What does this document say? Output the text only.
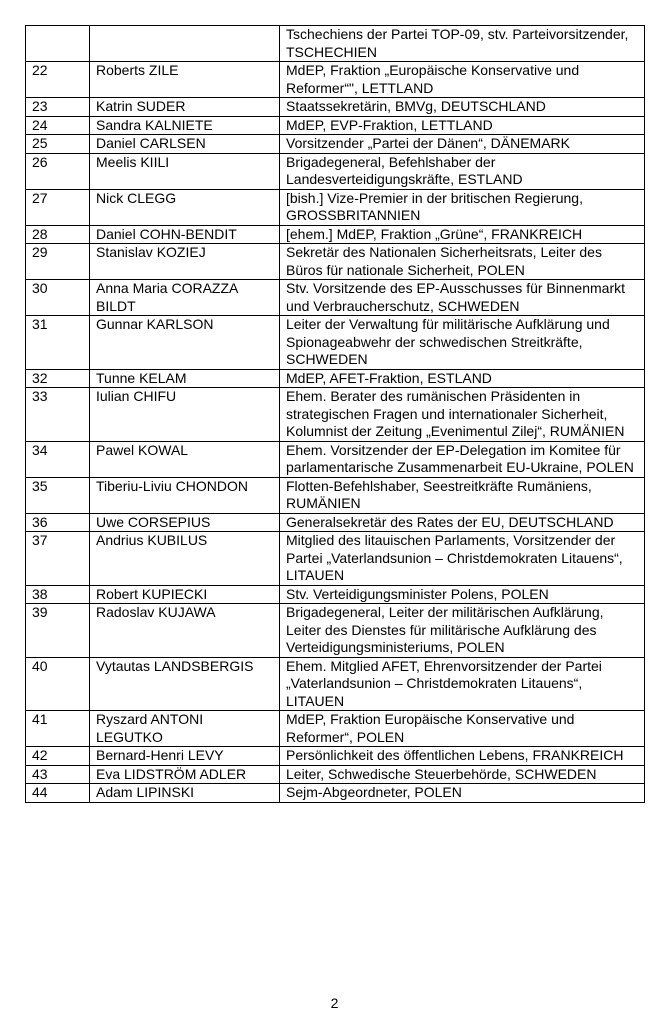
		Tschechiens der Partei TOP-09, stv. Parteivorsitzender, TSCHECHIEN
22	Roberts ZILE	MdEP, Fraktion „Europäische Konservative und Reformer“", LETTLAND
23	Katrin SUDER	Staatssekretärin, BMVg, DEUTSCHLAND
24	Sandra KALNIETE	MdEP, EVP-Fraktion, LETTLAND
25	Daniel CARLSEN	Vorsitzender „Partei der Dänen“, DÄNEMARK
26	Meelis KIILI	Brigadegeneral, Befehlshaber der Landesverteidigungskräfte, ESTLAND
27	Nick CLEGG	[bish.] Vize-Premier in der britischen Regierung, GROSSBRITANNIEN
28	Daniel COHN-BENDIT	[ehem.] MdEP, Fraktion „Grüne“, FRANKREICH
29	Stanislav KOZIEJ	Sekretär des Nationalen Sicherheitsrats, Leiter des Büros für nationale Sicherheit, POLEN
30	Anna Maria CORAZZA BILDT	Stv. Vorsitzende des EP-Ausschusses für Binnenmarkt und Verbraucherschutz, SCHWEDEN
31	Gunnar KARLSON	Leiter der Verwaltung für militärische Aufklärung und Spionageabwehr der schwedischen Streitkräfte, SCHWEDEN
32	Tunne KELAM	MdEP, AFET-Fraktion, ESTLAND
33	Iulian CHIFU	Ehem. Berater des rumänischen Präsidenten in strategischen Fragen und internationaler Sicherheit, Kolumnist der Zeitung „Evenimentul Zilej“, RUMÄNIEN
34	Pawel KOWAL	Ehem. Vorsitzender der EP-Delegation im Komitee für parlamentarische Zusammenarbeit EU-Ukraine, POLEN
35	Tiberiu-Liviu CHONDON	Flotten-Befehlshaber, Seestreitkräfte Rumäniens, RUMÄNIEN
36	Uwe CORSEPIUS	Generalsekretär des Rates der EU, DEUTSCHLAND
37	Andrius KUBILUS	Mitglied des litauischen Parlaments, Vorsitzender der Partei „Vaterlandsunion – Christdemokraten Litauens“, LITAUEN
38	Robert KUPIECKI	Stv. Verteidigungsminister Polens, POLEN
39	Radoslav KUJAWA	Brigadegeneral, Leiter der militärischen Aufklärung, Leiter des Dienstes für militärische Aufklärung des Verteidigungsministeriums, POLEN
40	Vytautas LANDSBERGIS	Ehem. Mitglied AFET, Ehrenvorsitzender der Partei „Vaterlandsunion – Christdemokraten Litauens“, LITAUEN
41	Ryszard ANTONI LEGUTKO	MdEP, Fraktion Europäische Konservative und Reformer“, POLEN
42	Bernard-Henri LEVY	Persönlichkeit des öffentlichen Lebens, FRANKREICH
43	Eva LIDSTRÖM ADLER	Leiter, Schwedische Steuerbehörde, SCHWEDEN
44	Adam LIPINSKI	Sejm-Abgeordneter, POLEN
2
